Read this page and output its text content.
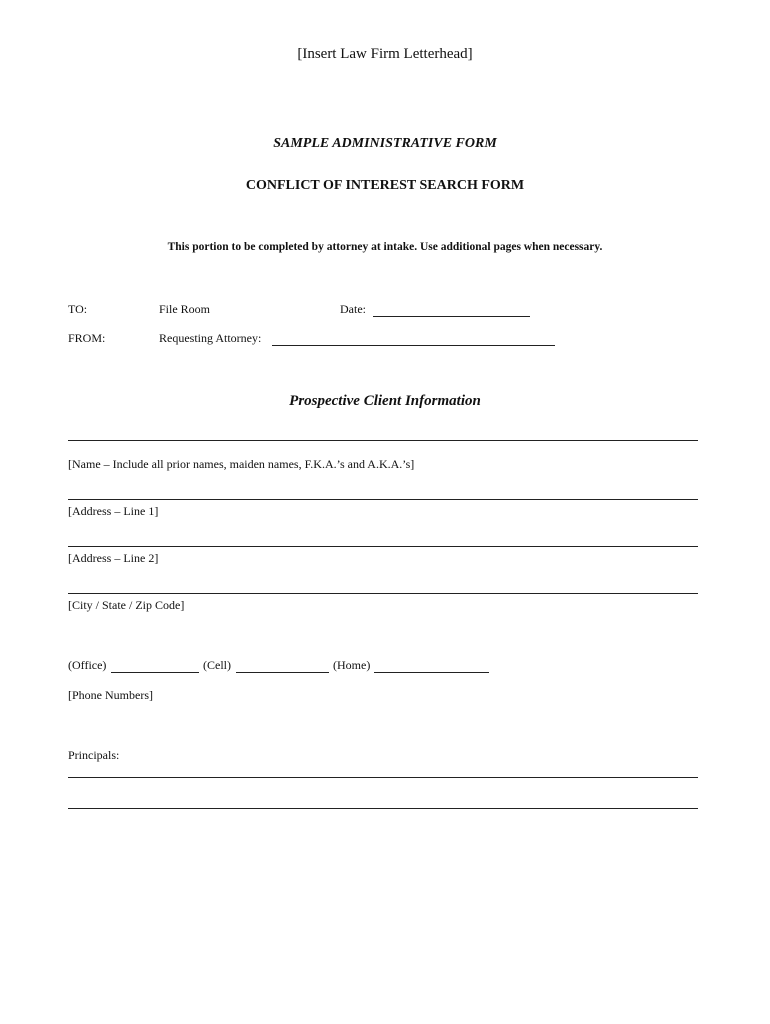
[Insert Law Firm Letterhead]
SAMPLE ADMINISTRATIVE FORM
CONFLICT OF INTEREST SEARCH FORM
This portion to be completed by attorney at intake. Use additional pages when necessary.
TO:	File Room	Date:
FROM:	Requesting Attorney:
Prospective Client Information
[Name – Include all prior names, maiden names, F.K.A.’s and A.K.A.’s]
[Address – Line 1]
[Address – Line 2]
[City / State / Zip Code]
(Office)	(Cell)	(Home)
[Phone Numbers]
Principals:
